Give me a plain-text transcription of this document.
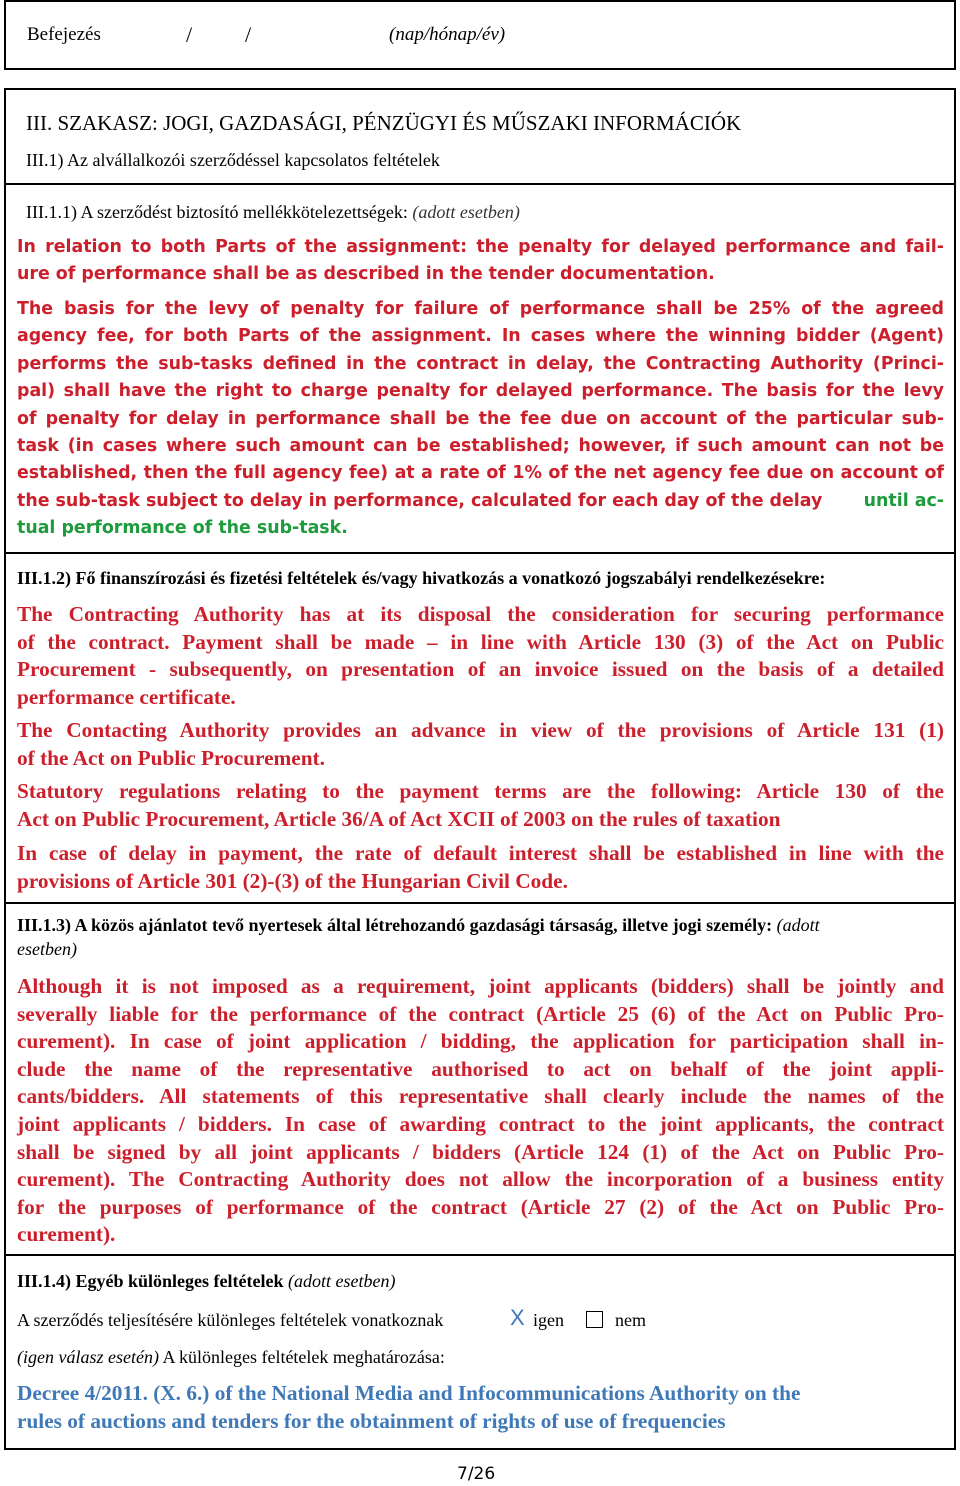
Befejezés	/ /	(nap/hónap/év)
III. SZAKASZ: JOGI, GAZDASÁGI, PÉNZÜGYI ÉS MŰSZAKI INFORMÁCIÓK
III.1) Az alvállalkozói szerződéssel kapcsolatos feltételek
III.1.1) A szerződést biztosító mellékkötelezettségek: (adott esetben)
In relation to both Parts of the assignment: the penalty for delayed performance and fail-
ure of performance shall be as described in the tender documentation.
The basis for the levy of penalty for failure of performance shall be 25% of the agreed
agency fee, for both Parts of the assignment. In cases where the winning bidder (Agent)
performs the sub-tasks defined in the contract in delay, the Contracting Authority (Princi-
pal) shall have the right to charge penalty for delayed performance. The basis for the levy
of penalty for delay in performance shall be the fee due on account of the particular sub-
task (in cases where such amount can be established; however, if such amount can not be
established, then the full agency fee) at a rate of 1% of the net agency fee due on account of
the sub-task subject to delay in performance, calculated for each day of the delay until ac-
tual performance of the sub-task.
III.1.2) Fő finanszírozási és fizetési feltételek és/vagy hivatkozás a vonatkozó jogszabályi rendelkezésekre:
The Contracting Authority has at its disposal the consideration for securing performance
of the contract. Payment shall be made – in line with Article 130 (3) of the Act on Public
Procurement - subsequently, on presentation of an invoice issued on the basis of a detailed
performance certificate.
The Contacting Authority provides an advance in view of the provisions of Article 131 (1)
of the Act on Public Procurement.
Statutory regulations relating to the payment terms are the following: Article 130 of the
Act on Public Procurement, Article 36/A of Act XCII of 2003 on the rules of taxation
In case of delay in payment, the rate of default interest shall be established in line with the
provisions of Article 301 (2)-(3) of the Hungarian Civil Code.
III.1.3) A közös ajánlatot tevő nyertesek által létrehozandó gazdasági társaság, illetve jogi személy: (adott
esetben)
Although it is not imposed as a requirement, joint applicants (bidders) shall be jointly and
severally liable for the performance of the contract (Article 25 (6) of the Act on Public Pro-
curement). In case of joint application / bidding, the application for participation shall in-
clude the name of the representative authorised to act on behalf of the joint appli-
cants/bidders. All statements of this representative shall clearly include the names of the
joint applicants / bidders. In case of awarding contract to the joint applicants, the contract
shall be signed by all joint applicants / bidders (Article 124 (1) of the Act on Public Pro-
curement). The Contracting Authority does not allow the incorporation of a business entity
for the purposes of performance of the contract (Article 27 (2) of the Act on Public Pro-
curement).
III.1.4) Egyéb különleges feltételek (adott esetben)
A szerződés teljesítésére különleges feltételek vonatkoznak	X igen	nem
(igen válasz esetén) A különleges feltételek meghatározása:
Decree 4/2011. (X. 6.) of the National Media and Infocommunications Authority on the
rules of auctions and tenders for the obtainment of rights of use of frequencies
7/26
